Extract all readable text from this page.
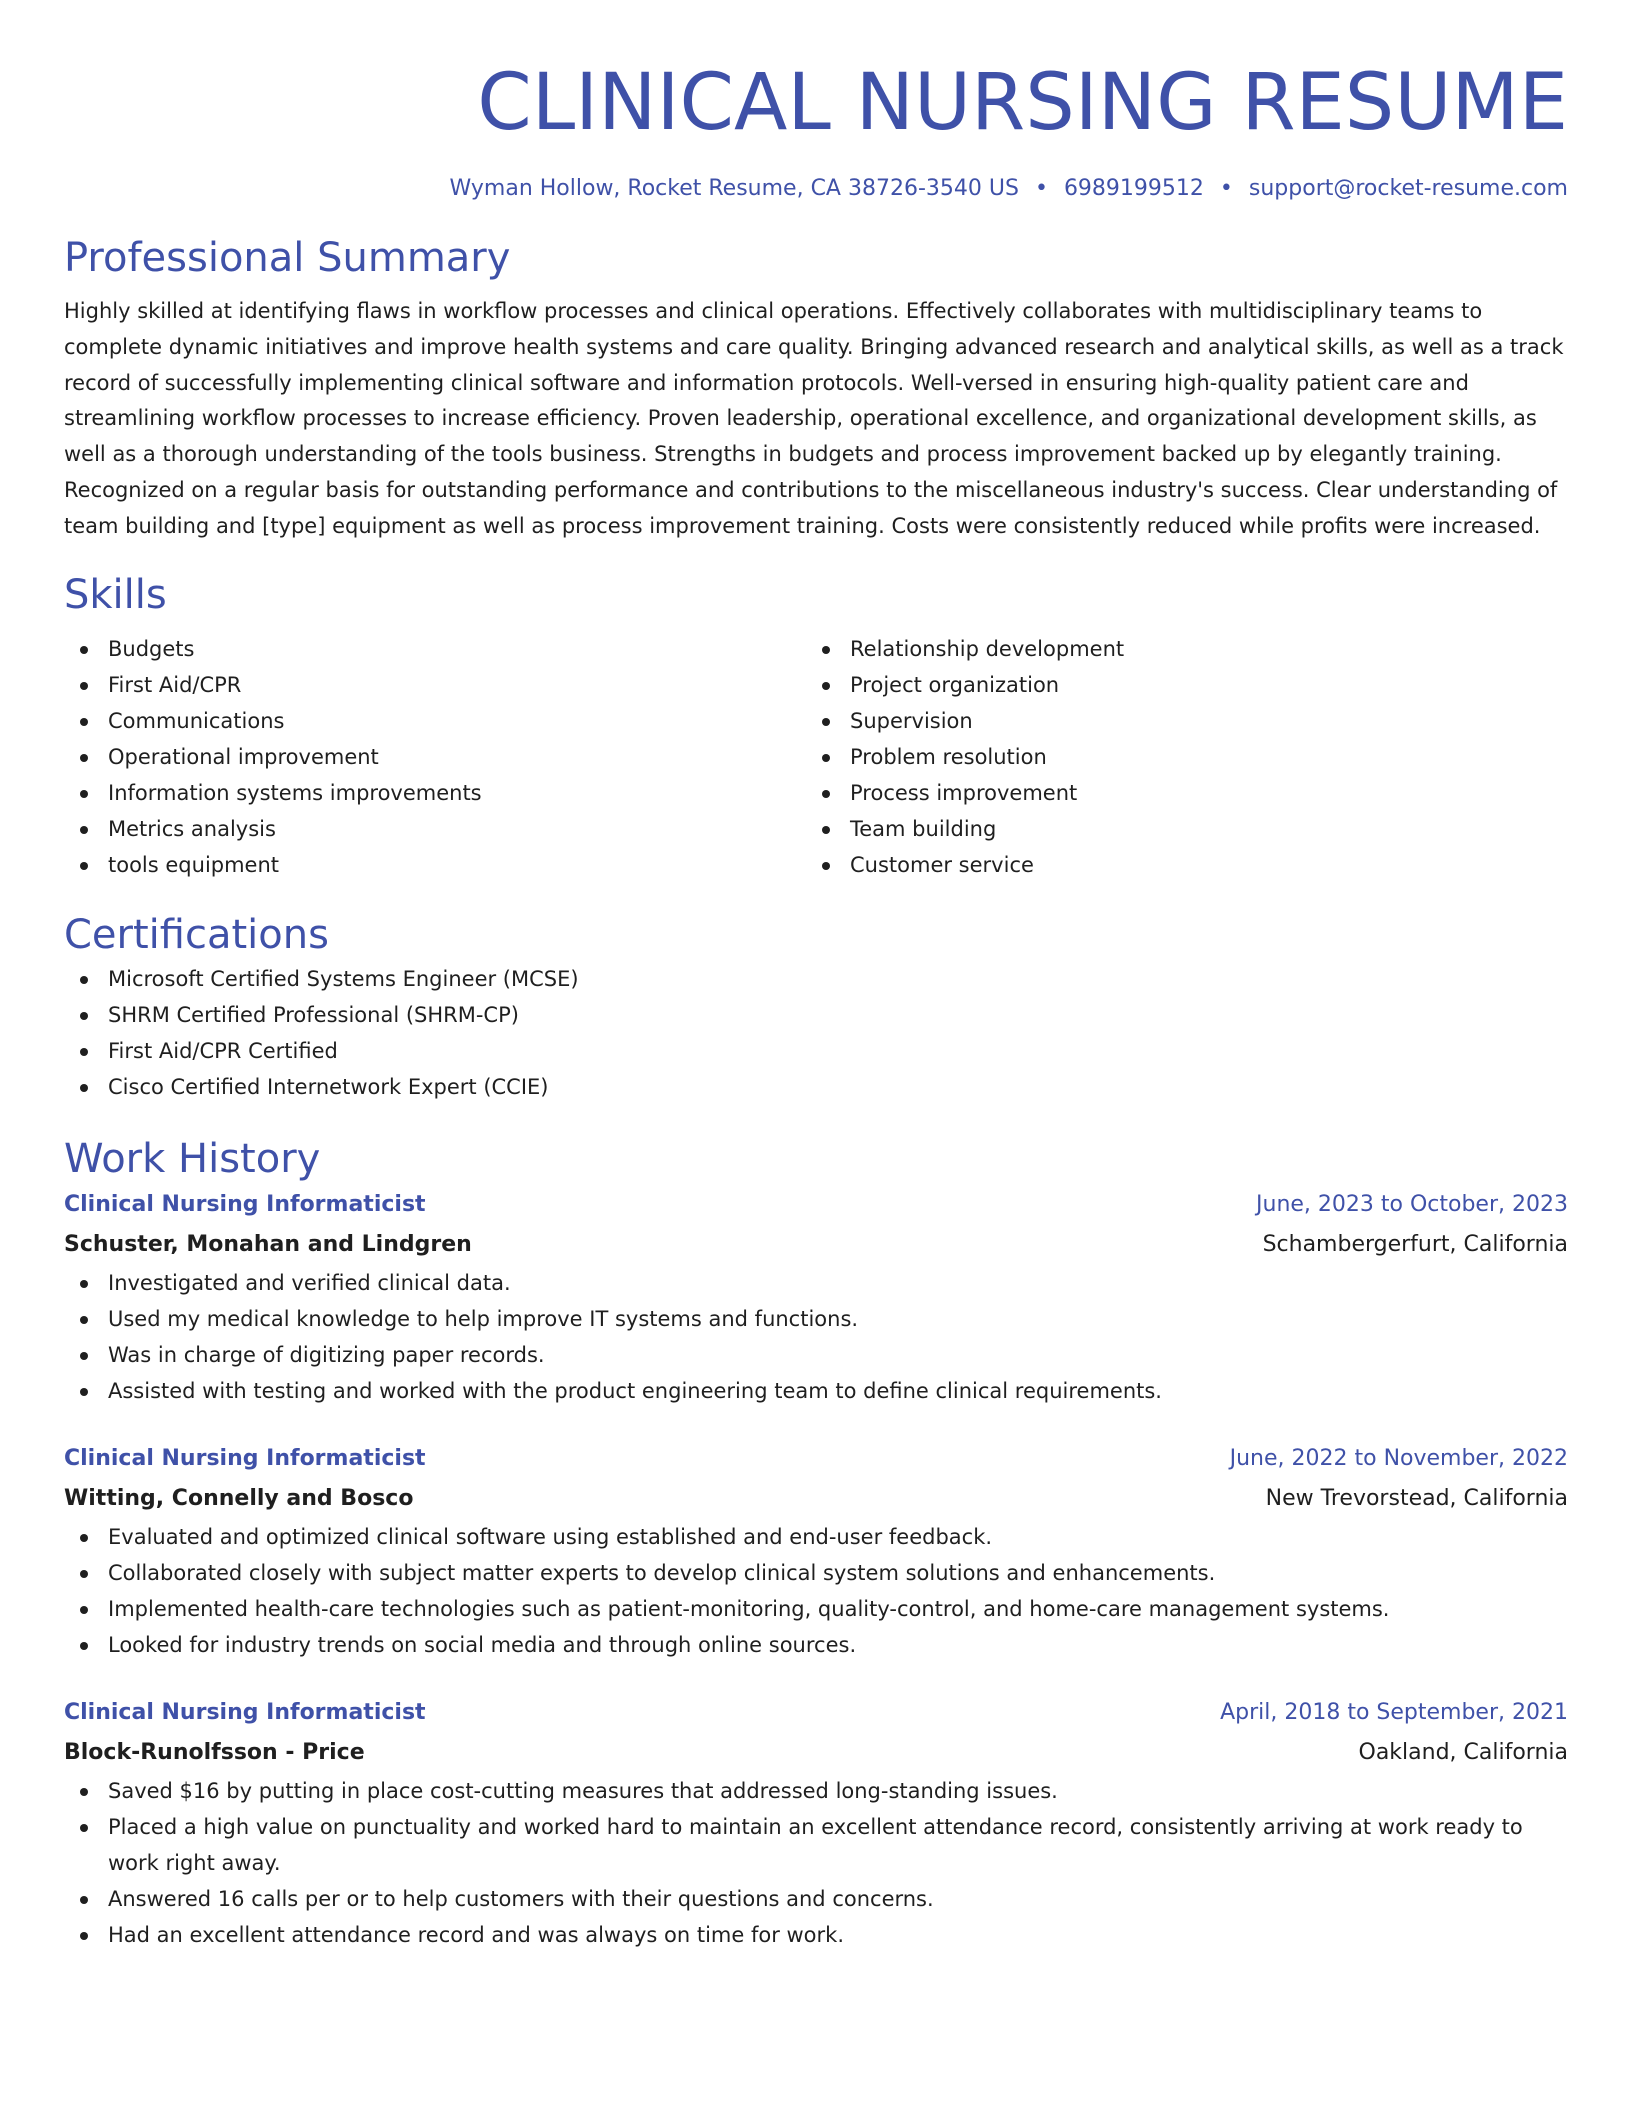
CLINICAL NURSING RESUME
Wyman Hollow, Rocket Resume, CA 38726-3540 US • 6989199512 • support@rocket-resume.com
Professional Summary
Highly skilled at identifying flaws in workflow processes and clinical operations. Effectively collaborates with multidisciplinary teams to complete dynamic initiatives and improve health systems and care quality. Bringing advanced research and analytical skills, as well as a track record of successfully implementing clinical software and information protocols. Well-versed in ensuring high-quality patient care and streamlining workflow processes to increase efficiency. Proven leadership, operational excellence, and organizational development skills, as well as a thorough understanding of the tools business. Strengths in budgets and process improvement backed up by elegantly training. Recognized on a regular basis for outstanding performance and contributions to the miscellaneous industry's success. Clear understanding of team building and [type] equipment as well as process improvement training. Costs were consistently reduced while profits were increased.
Skills
Budgets
First Aid/CPR
Communications
Operational improvement
Information systems improvements
Metrics analysis
tools equipment
Relationship development
Project organization
Supervision
Problem resolution
Process improvement
Team building
Customer service
Certifications
Microsoft Certified Systems Engineer (MCSE)
SHRM Certified Professional (SHRM-CP)
First Aid/CPR Certified
Cisco Certified Internetwork Expert (CCIE)
Work History
Clinical Nursing Informaticist	June, 2023 to October, 2023
Schuster, Monahan and Lindgren	Schambergerfurt, California
Investigated and verified clinical data.
Used my medical knowledge to help improve IT systems and functions.
Was in charge of digitizing paper records.
Assisted with testing and worked with the product engineering team to define clinical requirements.
Clinical Nursing Informaticist	June, 2022 to November, 2022
Witting, Connelly and Bosco	New Trevorstead, California
Evaluated and optimized clinical software using established and end-user feedback.
Collaborated closely with subject matter experts to develop clinical system solutions and enhancements.
Implemented health-care technologies such as patient-monitoring, quality-control, and home-care management systems.
Looked for industry trends on social media and through online sources.
Clinical Nursing Informaticist	April, 2018 to September, 2021
Block-Runolfsson - Price	Oakland, California
Saved $16 by putting in place cost-cutting measures that addressed long-standing issues.
Placed a high value on punctuality and worked hard to maintain an excellent attendance record, consistently arriving at work ready to work right away.
Answered 16 calls per or to help customers with their questions and concerns.
Had an excellent attendance record and was always on time for work.
